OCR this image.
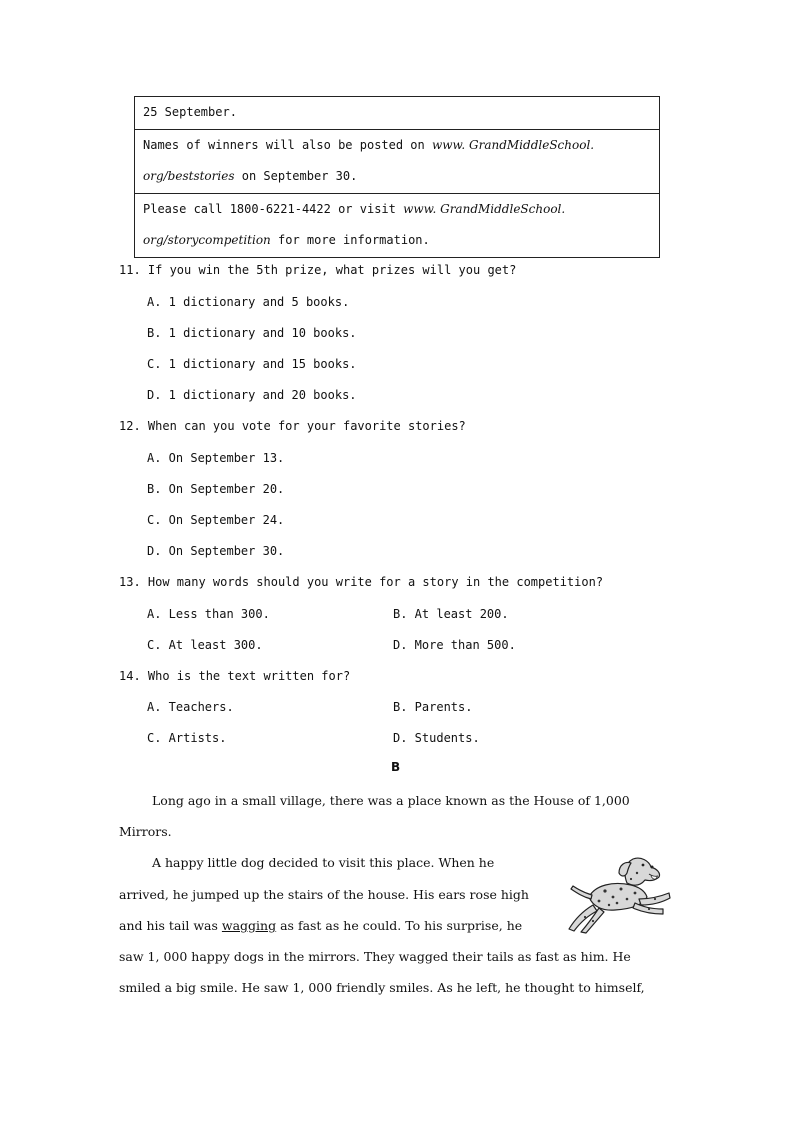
25 September.
Names of winners will also be posted on www. GrandMiddleSchool.
org/beststories on September 30.
Please call 1800-6221-4422 or visit www. GrandMiddleSchool.
org/storycompetition for more information.
11. If you win the 5th prize, what prizes will you get?
A. 1 dictionary and 5 books.
B. 1 dictionary and 10 books.
C. 1 dictionary and 15 books.
D. 1 dictionary and 20 books.
12. When can you vote for your favorite stories?
A. On September 13.
B. On September 20.
C. On September 24.
D. On September 30.
13. How many words should you write for a story in the competition?
A. Less than 300.	B. At least 200.
C. At least 300.	D. More than 500.
14. Who is the text written for?
A. Teachers.	B. Parents.
C. Artists.	D. Students.
B
Long ago in a small village, there was a place known as the House of 1,000
Mirrors.
A happy little dog decided to visit this place. When he
arrived, he jumped up the stairs of the house. His ears rose high
and his tail was wagging as fast as he could. To his surprise, he
saw 1, 000 happy dogs in the mirrors. They wagged their tails as fast as him. He
smiled a big smile. He saw 1, 000 friendly smiles. As he left, he thought to himself,
